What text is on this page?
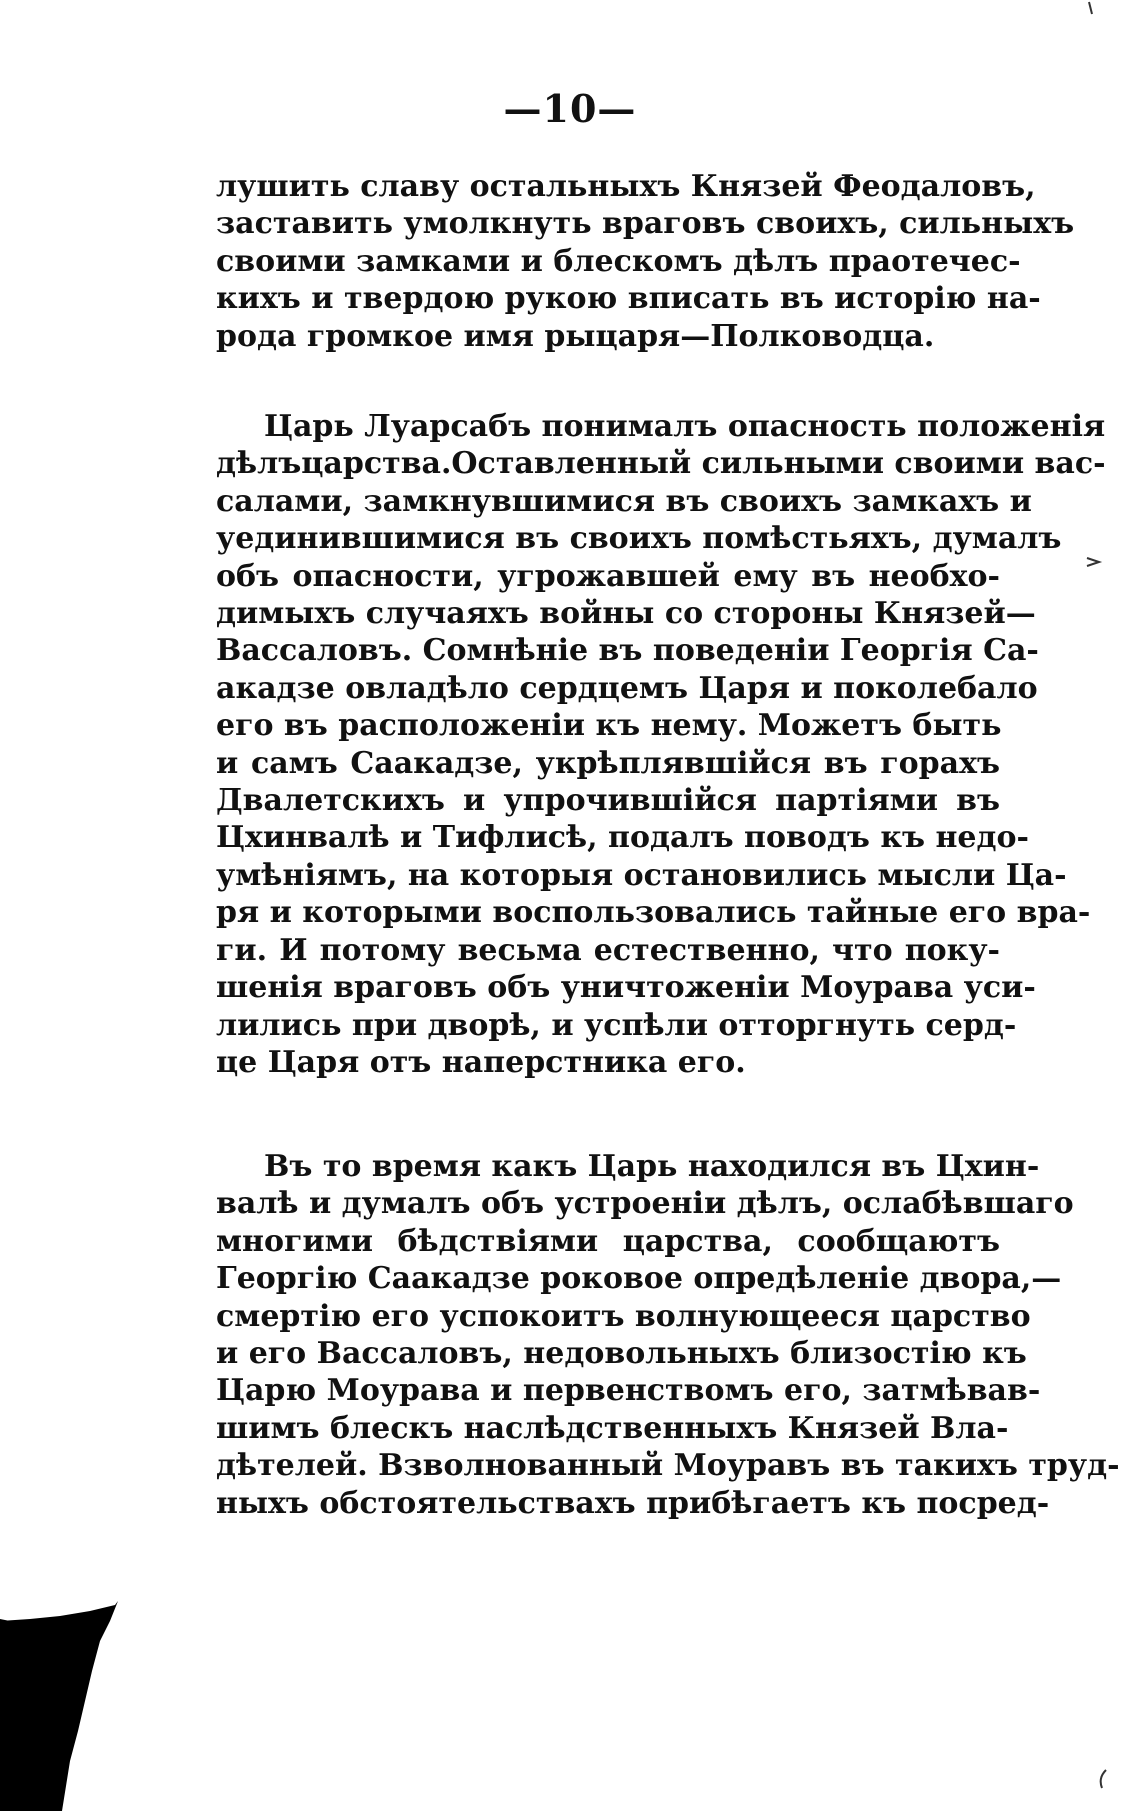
—10—
лушить славу остальныхъ Князей Феодаловъ,
заставить умолкнуть враговъ своихъ, сильныхъ
своими замками и блескомъ дѣлъ праотечес-
кихъ и твердою рукою вписать въ исторію на-
рода громкое имя рыцаря—Полководца.
Царь Луарсабъ понималъ опасность положенія
дѣлъцарства.Оставленный сильными своими вас-
салами, замкнувшимися въ своихъ замкахъ и
уединившимися въ своихъ помѣстьяхъ, думалъ
объ опасности, угрожавшей ему въ необхо-
димыхъ случаяхъ войны со стороны Князей—
Вассаловъ. Сомнѣніе въ поведеніи Георгія Са-
акадзе овладѣло сердцемъ Царя и поколебало
его въ расположеніи къ нему. Можетъ быть
и самъ Саакадзе, укрѣплявшійся въ горахъ
Двалетскихъ и упрочившійся партіями въ
Цхинвалѣ и Тифлисѣ, подалъ поводъ къ недо-
умѣніямъ, на которыя остановились мысли Ца-
ря и которыми воспользовались тайные его вра-
ги. И потому весьма естественно, что поку-
шенія враговъ объ уничтоженіи Моурава уси-
лились при дворѣ, и успѣли отторгнуть серд-
це Царя отъ наперстника его.
Въ то время какъ Царь находился въ Цхин-
валѣ и думалъ объ устроеніи дѣлъ, ослабѣвшаго
многими бѣдствіями царства, сообщаютъ
Георгію Саакадзе роковое опредѣленіе двора,—
смертію его успокоитъ волнующееся царство
и его Вассаловъ, недовольныхъ близостію къ
Царю Моурава и первенствомъ его, затмѣвав-
шимъ блескъ наслѣдственныхъ Князей Вла-
дѣтелей. Взволнованный Моуравъ въ такихъ труд-
ныхъ обстоятельствахъ прибѣгаетъ къ посред-
